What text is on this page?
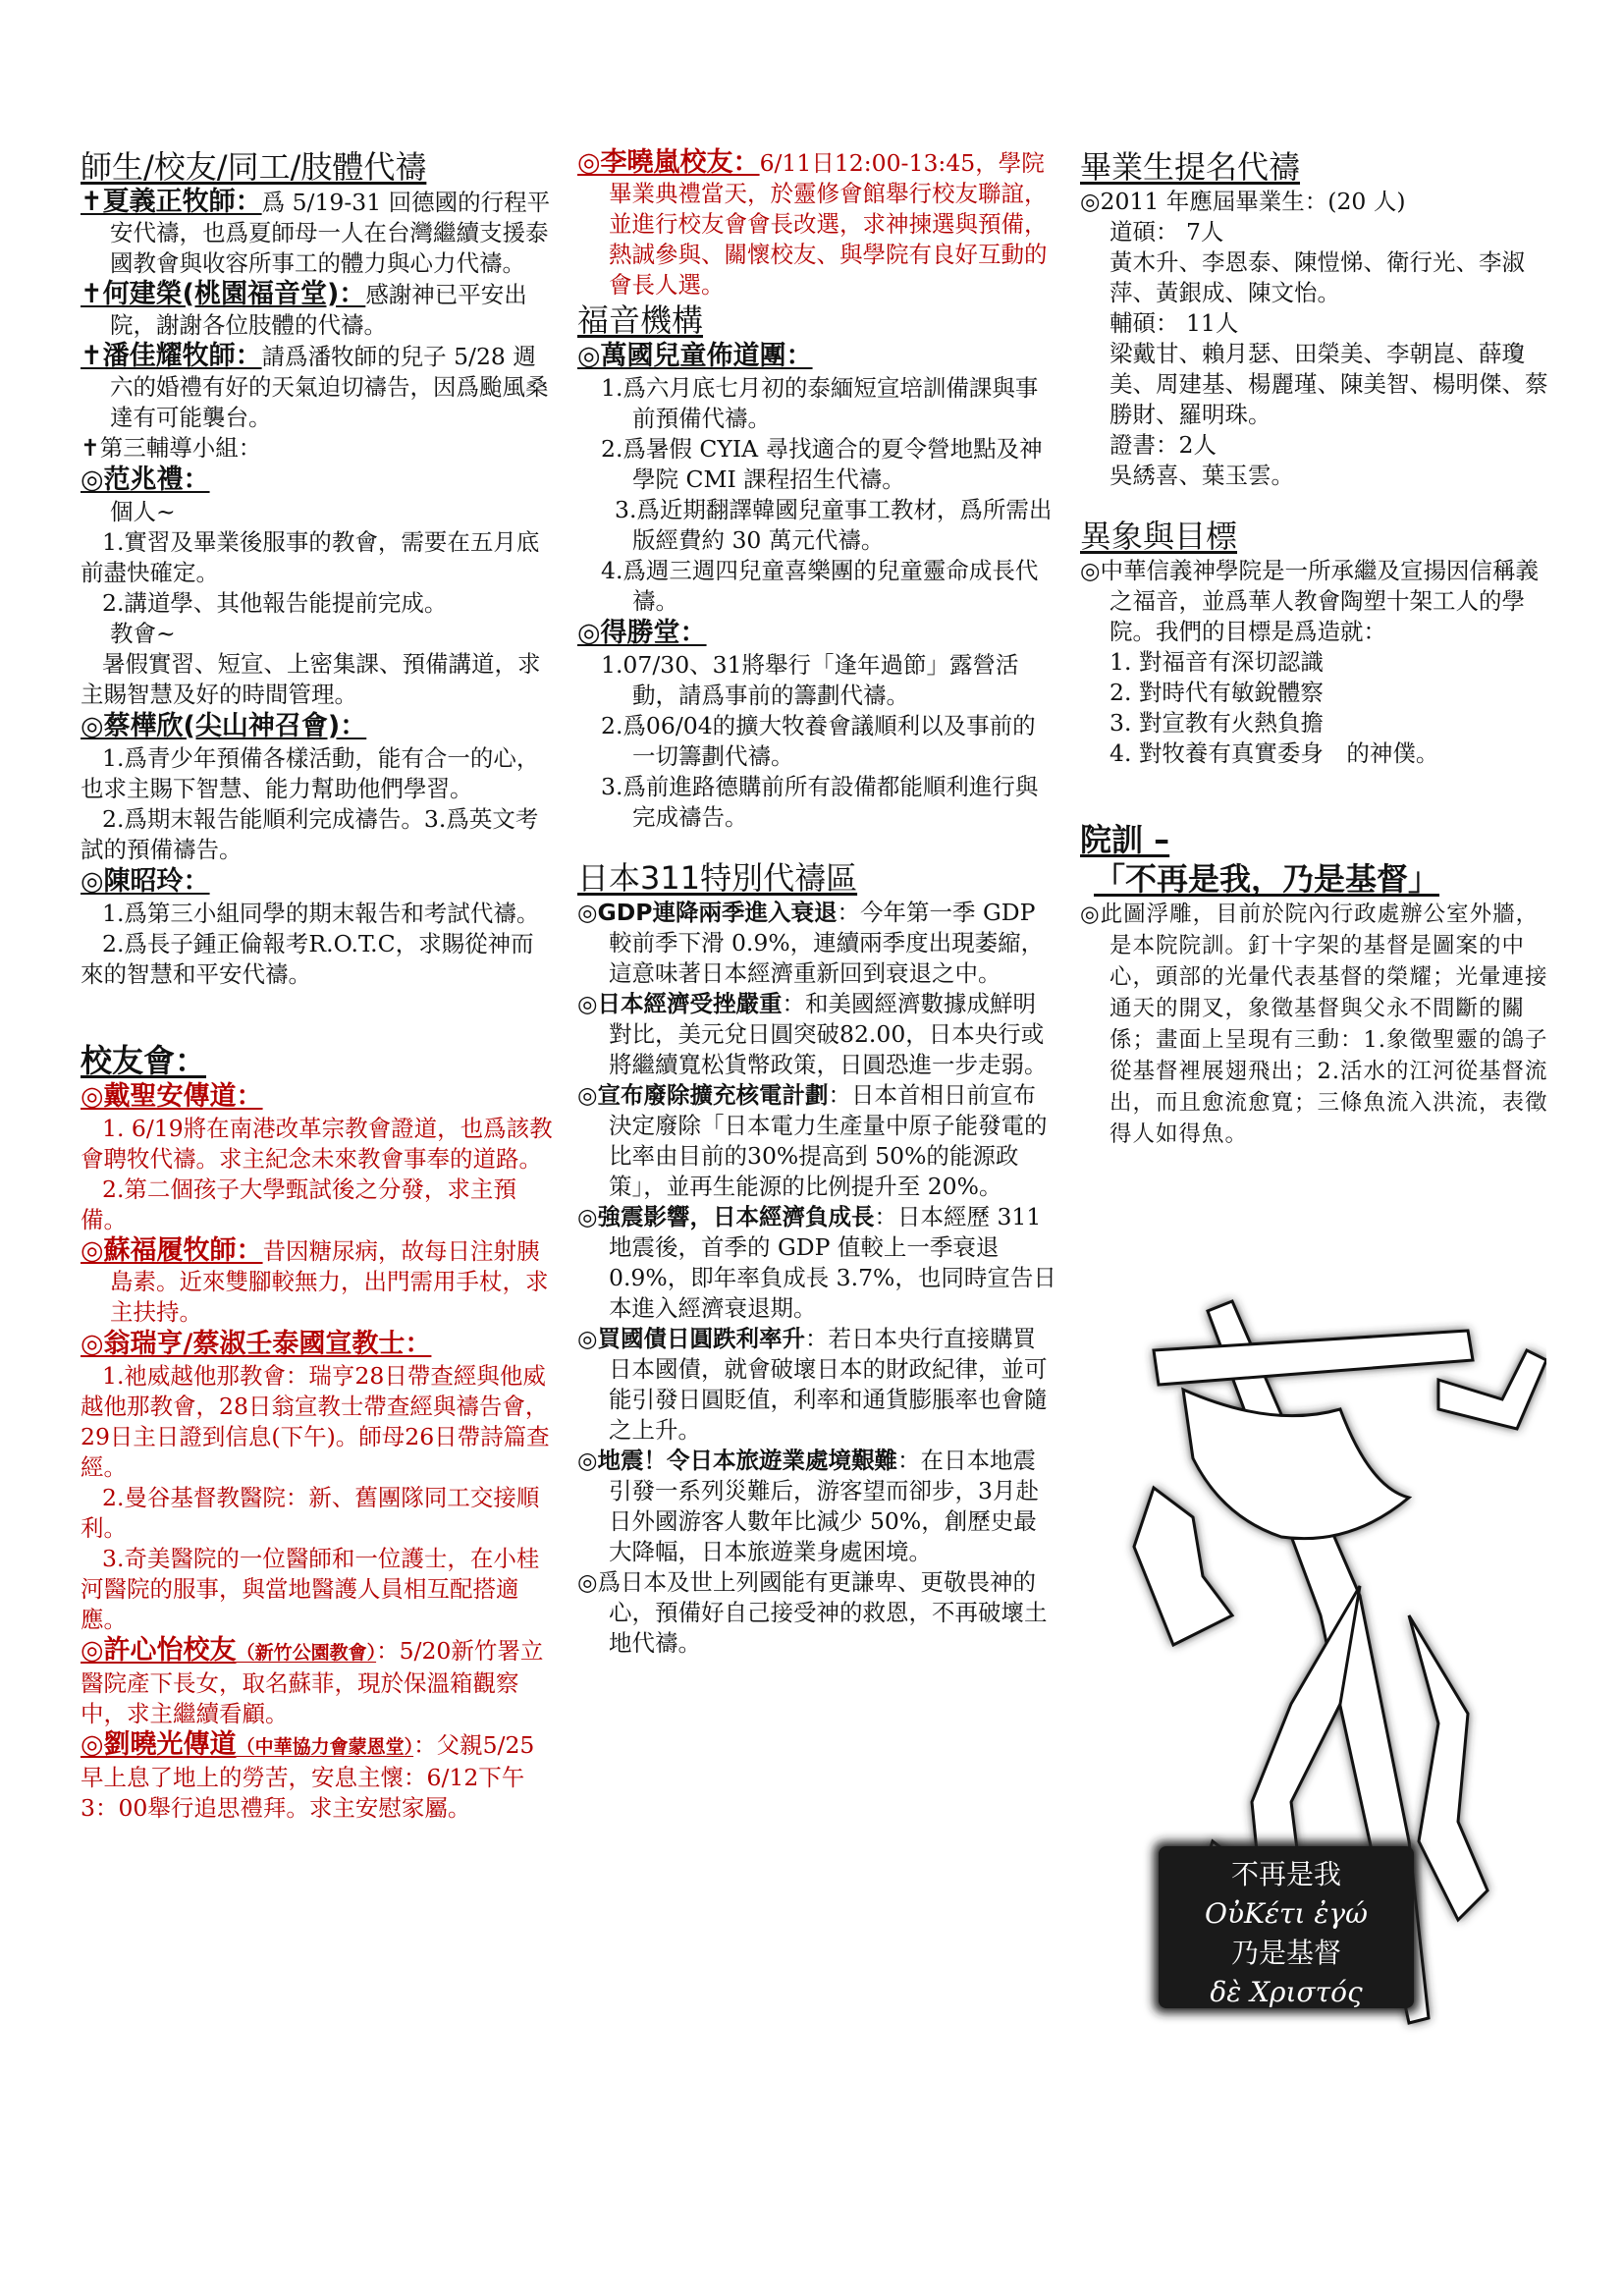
師生/校友/同工/肢體代禱

✝夏義正牧師：爲 5/19-31 回德國的行程平安代禱，也爲夏師母一人在台灣繼續支援泰國教會與收容所事工的體力與心力代禱。

✝何建榮(桃園福音堂)：感謝神已平安出院，謝謝各位肢體的代禱。

✝潘佳耀牧師：請爲潘牧師的兒子 5/28 週六的婚禮有好的天氣迫切禱告，因爲颱風桑達有可能襲台。

✝第三輔導小組：

◎范兆禮：

個人~

1.實習及畢業後服事的教會，需要在五月底前盡快確定。

2.講道學、其他報告能提前完成。

教會~

暑假實習、短宣、上密集課、預備講道，求主賜智慧及好的時間管理。

◎蔡樺欣(尖山神召會)：

1.爲青少年預備各樣活動，能有合一的心，也求主賜下智慧、能力幫助他們學習。

2.爲期末報告能順利完成禱告。3.爲英文考試的預備禱告。

◎陳昭玲：

1.爲第三小組同學的期末報告和考試代禱。

2.爲長子鍾正倫報考R.O.T.C，求賜從神而來的智慧和平安代禱。

校友會：

◎戴聖安傳道：

1. 6/19將在南港改革宗教會證道，也爲該教會聘牧代禱。求主紀念未來教會事奉的道路。

2.第二個孩子大學甄試後之分發，求主預備。

◎蘇福履牧師：昔因糖尿病，故每日注射胰島素。近來雙腳較無力，出門需用手杖，求主扶持。

◎翁瑞亨/蔡淑壬泰國宣教士：

1.祂威越他那教會：瑞亨28日帶查經與他威越他那教會，28日翁宣教士帶查經與禱告會，29日主日證到信息(下午)。師母26日帶詩篇查經。

2.曼谷基督教醫院：新、舊團隊同工交接順利。

3.奇美醫院的一位醫師和一位護士，在小桂河醫院的服事，與當地醫護人員相互配搭適應。

◎許心怡校友（新竹公園教會）：5/20新竹署立醫院產下長女，取名蘇菲，現於保溫箱觀察中，求主繼續看顧。

◎劉曉光傳道（中華協力會蒙恩堂）：父親5/25早上息了地上的勞苦，安息主懷：6/12下午3：00舉行追思禮拜。求主安慰家屬。

◎李曉嵐校友：6/11日12:00-13:45，學院畢業典禮當天，於靈修會館舉行校友聯誼，並進行校友會會長改選，求神揀選與預備，熱誠參與、關懷校友、與學院有良好互動的會長人選。

福音機構

◎萬國兒童佈道團：

1.爲六月底七月初的泰緬短宣培訓備課與事前預備代禱。

2.爲暑假 CYIA 尋找適合的夏令營地點及神學院 CMI 課程招生代禱。

3.爲近期翻譯韓國兒童事工教材，爲所需出版經費約 30 萬元代禱。

4.爲週三週四兒童喜樂團的兒童靈命成長代禱。

◎得勝堂：

1.07/30、31將舉行「逢年過節」露營活動，請爲事前的籌劃代禱。

2.爲06/04的擴大牧養會議順利以及事前的一切籌劃代禱。

3.爲前進路德購前所有設備都能順利進行與完成禱告。

日本311特別代禱區

◎GDP連降兩季進入衰退：今年第一季 GDP 較前季下滑 0.9%，連續兩季度出現萎縮，這意味著日本經濟重新回到衰退之中。

◎日本經濟受挫嚴重：和美國經濟數據成鮮明對比，美元兌日圓突破82.00，日本央行或將繼續寬松貨幣政策，日圓恐進一步走弱。

◎宣布廢除擴充核電計劃：日本首相日前宣布決定廢除「日本電力生產量中原子能發電的比率由目前的30%提高到 50%的能源政策」，並再生能源的比例提升至 20%。

◎強震影響，日本經濟負成長：日本經歷 311 地震後，首季的 GDP 值較上一季衰退 0.9%，即年率負成長 3.7%，也同時宣告日本進入經濟衰退期。

◎買國債日圓跌利率升：若日本央行直接購買日本國債，就會破壞日本的財政紀律，並可能引發日圓貶值，利率和通貨膨脹率也會隨之上升。

◎地震！令日本旅遊業處境艱難：在日本地震引發一系列災難后，游客望而卻步，3月赴日外國游客人數年比減少 50%，創歷史最大降幅，日本旅遊業身處困境。

◎爲日本及世上列國能有更謙卑、更敬畏神的心，預備好自己接受神的救恩，不再破壞土地代禱。

畢業生提名代禱

◎2011 年應屆畢業生：(20 人)

道碩： 7人

黃木升、李恩泰、陳愷悌、衛行光、李淑萍、黃銀成、陳文怡。

輔碩： 11人

梁戴甘、賴月瑟、田榮美、李朝崑、薛瓊美、周建基、楊麗瑾、陳美智、楊明傑、蔡勝財、羅明珠。

證書：2人

吳綉喜、葉玉雲。

異象與目標

◎中華信義神學院是一所承繼及宣揚因信稱義之福音，並爲華人教會陶塑十架工人的學院。我們的目標是爲造就：

1. 對福音有深切認識

2. 對時代有敏銳體察

3. 對宣教有火熱負擔

4. 對牧養有真實委身　的神僕。

院訓 –
「不再是我，乃是基督」

◎此圖浮雕，目前於院內行政處辦公室外牆，是本院院訓。釘十字架的基督是圖案的中心，頭部的光暈代表基督的榮耀；光暈連接通天的開叉，象徵基督與父永不間斷的關係；畫面上呈現有三動：1.象徵聖靈的鴿子從基督裡展翅飛出；2.活水的江河從基督流出，而且愈流愈寬；三條魚流入洪流，表徵得人如得魚。

不再是我
ΟὐΚέτι ἐγώ
乃是基督
δὲ Χριστός
